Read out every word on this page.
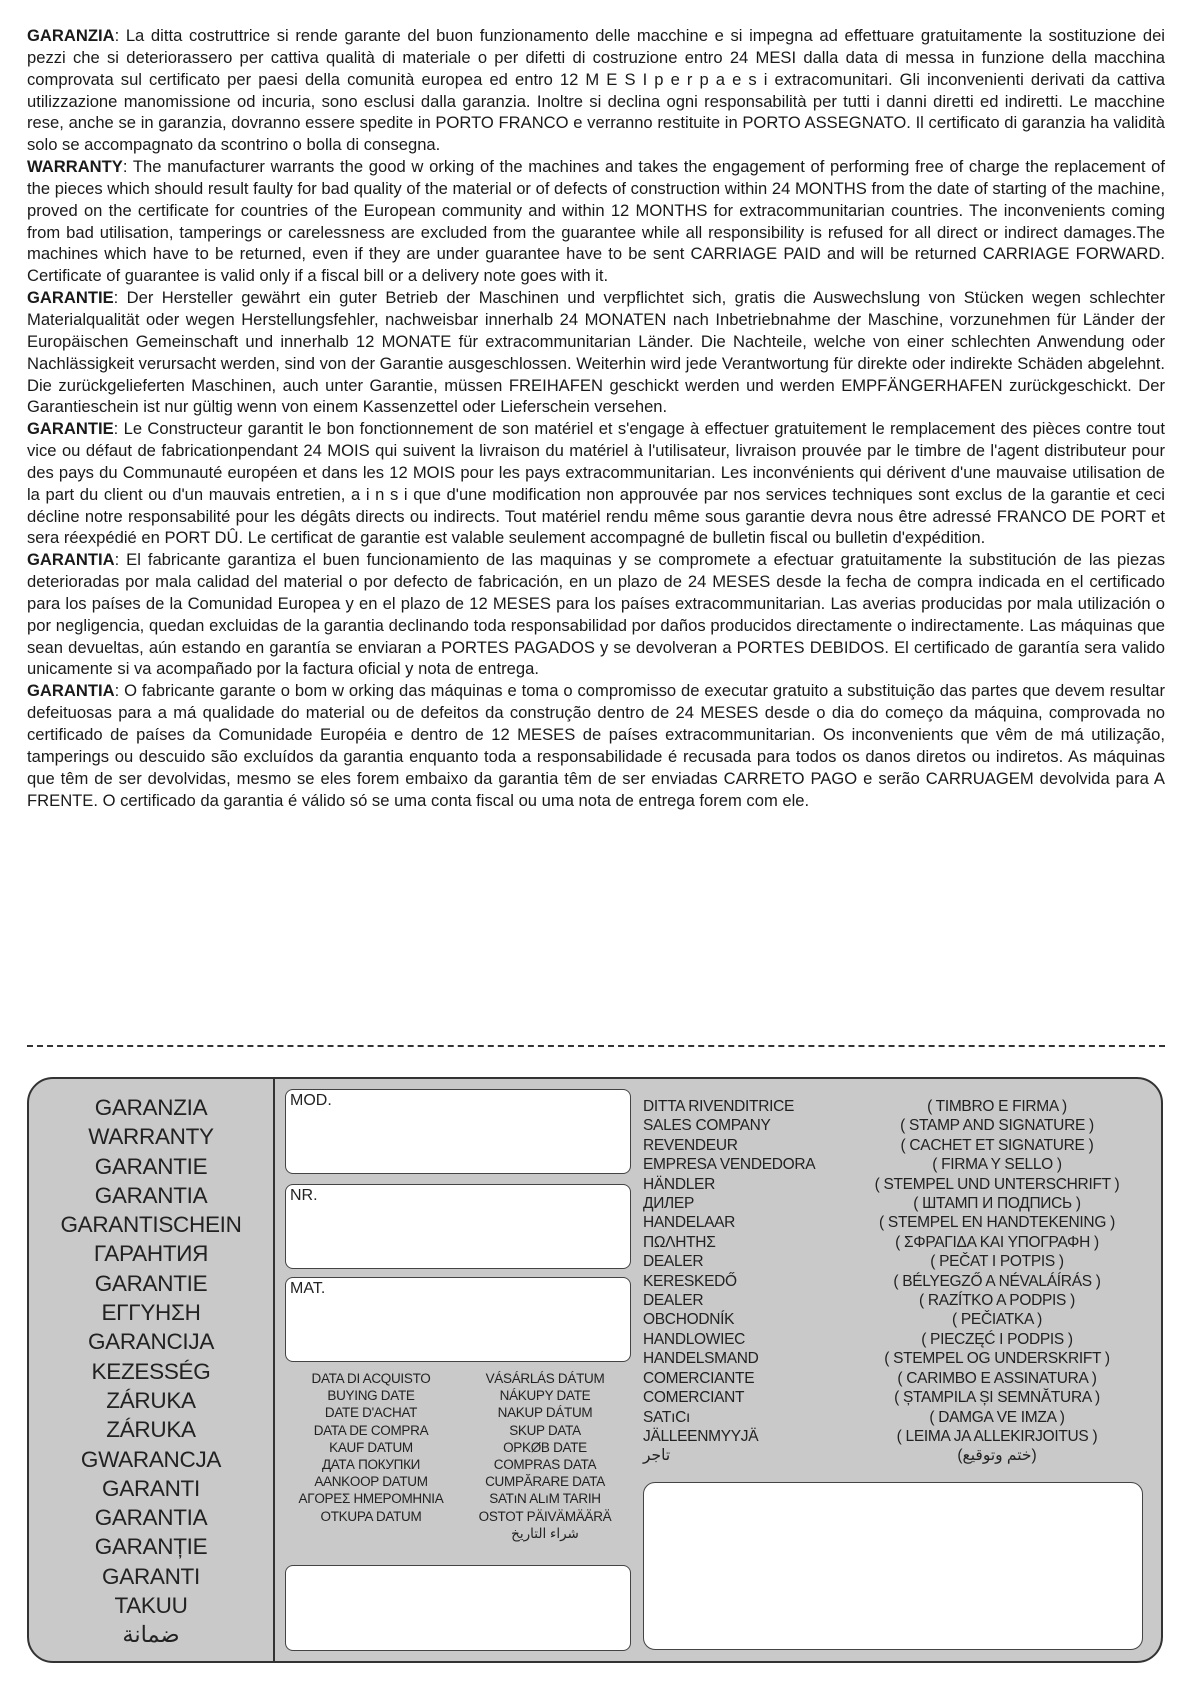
GARANZIA: La ditta costruttrice si rende garante del buon funzionamento delle macchine e si impegna ad effettuare gratuitamente la sostituzione dei pezzi che si deteriorassero per cattiva qualità di materiale o per difetti di costruzione entro 24 MESI dalla data di messa in funzione della macchina comprovata sul certificato per paesi della comunità europea ed entro 12 M E S I p e r p a e s i extracomunitari. Gli inconvenienti derivati da cattiva utilizzazione manomissione od incuria, sono esclusi dalla garanzia. Inoltre si declina ogni responsabilità per tutti i danni diretti ed indiretti. Le macchine rese, anche se in garanzia, dovranno essere spedite in PORTO FRANCO e verranno restituite in PORTO ASSEGNATO. Il certificato di garanzia ha validità solo se accompagnato da scontrino o bolla di consegna.

WARRANTY: The manufacturer warrants the good w orking of the machines and takes the engagement of performing free of charge the replacement of the pieces which should result faulty for bad quality of the material or of defects of construction within 24 MONTHS from the date of starting of the machine, proved on the certificate for countries of the European community and within 12 MONTHS for extracommunitarian countries. The inconvenients coming from bad utilisation, tamperings or carelessness are excluded from the guarantee while all responsibility is refused for all direct or indirect damages.The machines which have to be returned, even if they are under guarantee have to be sent CARRIAGE PAID and will be returned CARRIAGE FORWARD. Certificate of guarantee is valid only if a fiscal bill or a delivery note goes with it.

GARANTIE: Der Hersteller gewährt ein guter Betrieb der Maschinen und verpflichtet sich, gratis die Auswechslung von Stücken wegen schlechter Materialqualität oder wegen Herstellungsfehler, nachweisbar innerhalb 24 MONATEN nach Inbetriebnahme der Maschine, vorzunehmen für Länder der Europäischen Gemeinschaft und innerhalb 12 MONATE für extracommunitarian Länder. Die Nachteile, welche von einer schlechten Anwendung oder Nachlässigkeit verursacht werden, sind von der Garantie ausgeschlossen. Weiterhin wird jede Verantwortung für direkte oder indirekte Schäden abgelehnt. Die zurückgelieferten Maschinen, auch unter Garantie, müssen FREIHAFEN geschickt werden und werden EMPFÄNGERHAFEN zurückgeschickt. Der Garantieschein ist nur gültig wenn von einem Kassenzettel oder Lieferschein versehen.

GARANTIE: Le Constructeur garantit le bon fonctionnement de son matériel et s'engage à effectuer gratuitement le remplacement des pièces contre tout vice ou défaut de fabricationpendant 24 MOIS qui suivent la livraison du matériel à l'utilisateur, livraison prouvée par le timbre de l'agent distributeur pour des pays du Communauté européen et dans les 12 MOIS pour les pays extracommunitarian. Les inconvénients qui dérivent d'une mauvaise utilisation de la part du client ou d'un mauvais entretien, a i n s i que d'une modification non approuvée par nos services techniques sont exclus de la garantie et ceci décline notre responsabilité pour les dégâts directs ou indirects. Tout matériel rendu même sous garantie devra nous être adressé FRANCO DE PORT et sera réexpédié en PORT DÛ. Le certificat de garantie est valable seulement accompagné de bulletin fiscal ou bulletin d'expédition.

GARANTIA: El fabricante garantiza el buen funcionamiento de las maquinas y se compromete a efectuar gratuitamente la substitución de las piezas deterioradas por mala calidad del material o por defecto de fabricación, en un plazo de 24 MESES desde la fecha de compra indicada en el certificado para los países de la Comunidad Europea y en el plazo de 12 MESES para los países extracommunitarian. Las averias producidas por mala utilización o por negligencia, quedan excluidas de la garantia declinando toda responsabilidad por daños producidos directamente o indirectamente. Las máquinas que sean devueltas, aún estando en garantía se enviaran a PORTES PAGADOS y se devolveran a PORTES DEBIDOS. El certificado de garantía sera valido unicamente si va acompañado por la factura oficial y nota de entrega.

GARANTIA: O fabricante garante o bom w orking das máquinas e toma o compromisso de executar gratuito a substituição das partes que devem resultar defeituosas para a má qualidade do material ou de defeitos da construção dentro de 24 MESES desde o dia do começo da máquina, comprovada no certificado de países da Comunidade Européia e dentro de 12 MESES de países extracommunitarian. Os inconvenients que vêm de má utilização, tamperings ou descuido são excluídos da garantia enquanto toda a responsabilidade é recusada para todos os danos diretos ou indiretos. As máquinas que têm de ser devolvidas, mesmo se eles forem embaixo da garantia têm de ser enviadas CARRETO PAGO e serão CARRUAGEM devolvida para A FRENTE. O certificado da garantia é válido só se uma conta fiscal ou uma nota de entrega forem com ele.

GARANZIA
WARRANTY
GARANTIE
GARANTIA
GARANTISCHEIN
ГАРАНТИЯ
GARANTIE
ΕΓΓΥΗΣΗ
GARANCIJA
KEZESSÉG
ZÁRUKA
ZÁRUKA
GWARANCJA
GARANTI
GARANTIA
GARANȚIE
GARANTI
TAKUU
ضمانة
MOD.
NR.
MAT.
DATA DI ACQUISTO
BUYING DATE
DATE D'ACHAT
DATA DE COMPRA
KAUF DATUM
ДАТА ПОКУПКИ
AANKOOP DATUM
ΑΓΟΡΕΣ ΗΜΕΡΟΜΗΝΙΑ
OTKUPA DATUM
VÁSÁRLÁS DÁTUM
NÁKUPY DATE
NAKUP DÁTUM
SKUP DATA
OPKØB DATE
COMPRAS DATA
CUMPĂRARE DATA
SATıN ALıM TARIH
OSTOT PÄIVÄMÄÄRÄ
شراء التاريخ
DITTA RIVENDITRICE
SALES COMPANY
REVENDEUR
EMPRESA VENDEDORA
HÄNDLER
ДИЛЕР
HANDELAAR
ΠΩΛΗΤΗΣ
DEALER
KERESKEDŐ
DEALER
OBCHODNÍK
HANDLOWIEC
HANDELSMAND
COMERCIANTE
COMERCIANT
SATıCı
JÄLLEENMYYJÄ
تاجر
( TIMBRO E FIRMA )
( STAMP AND SIGNATURE )
( CACHET ET SIGNATURE )
( FIRMA Y SELLO )
( STEMPEL UND UNTERSCHRIFT )
( ШТАМП И ПОДПИСЬ )
( STEMPEL EN HANDTEKENING )
( ΣΦΡΑΓΙΔΑ ΚΑΙ ΥΠΟΓΡΑΦΗ )
( PEČAT I POTPIS )
( BÉLYEGZŐ A NÉVALÁÍRÁS )
( RAZÍTKO A PODPIS )
( PEČIATKA )
( PIECZĘĆ I PODPIS )
( STEMPEL OG UNDERSKRIFT )
( CARIMBO E ASSINATURA )
( ȘTAMPILA ȘI SEMNĂTURA )
( DAMGA VE IMZA )
( LEIMA JA ALLEKIRJOITUS )
(ختم وتوقيع)
